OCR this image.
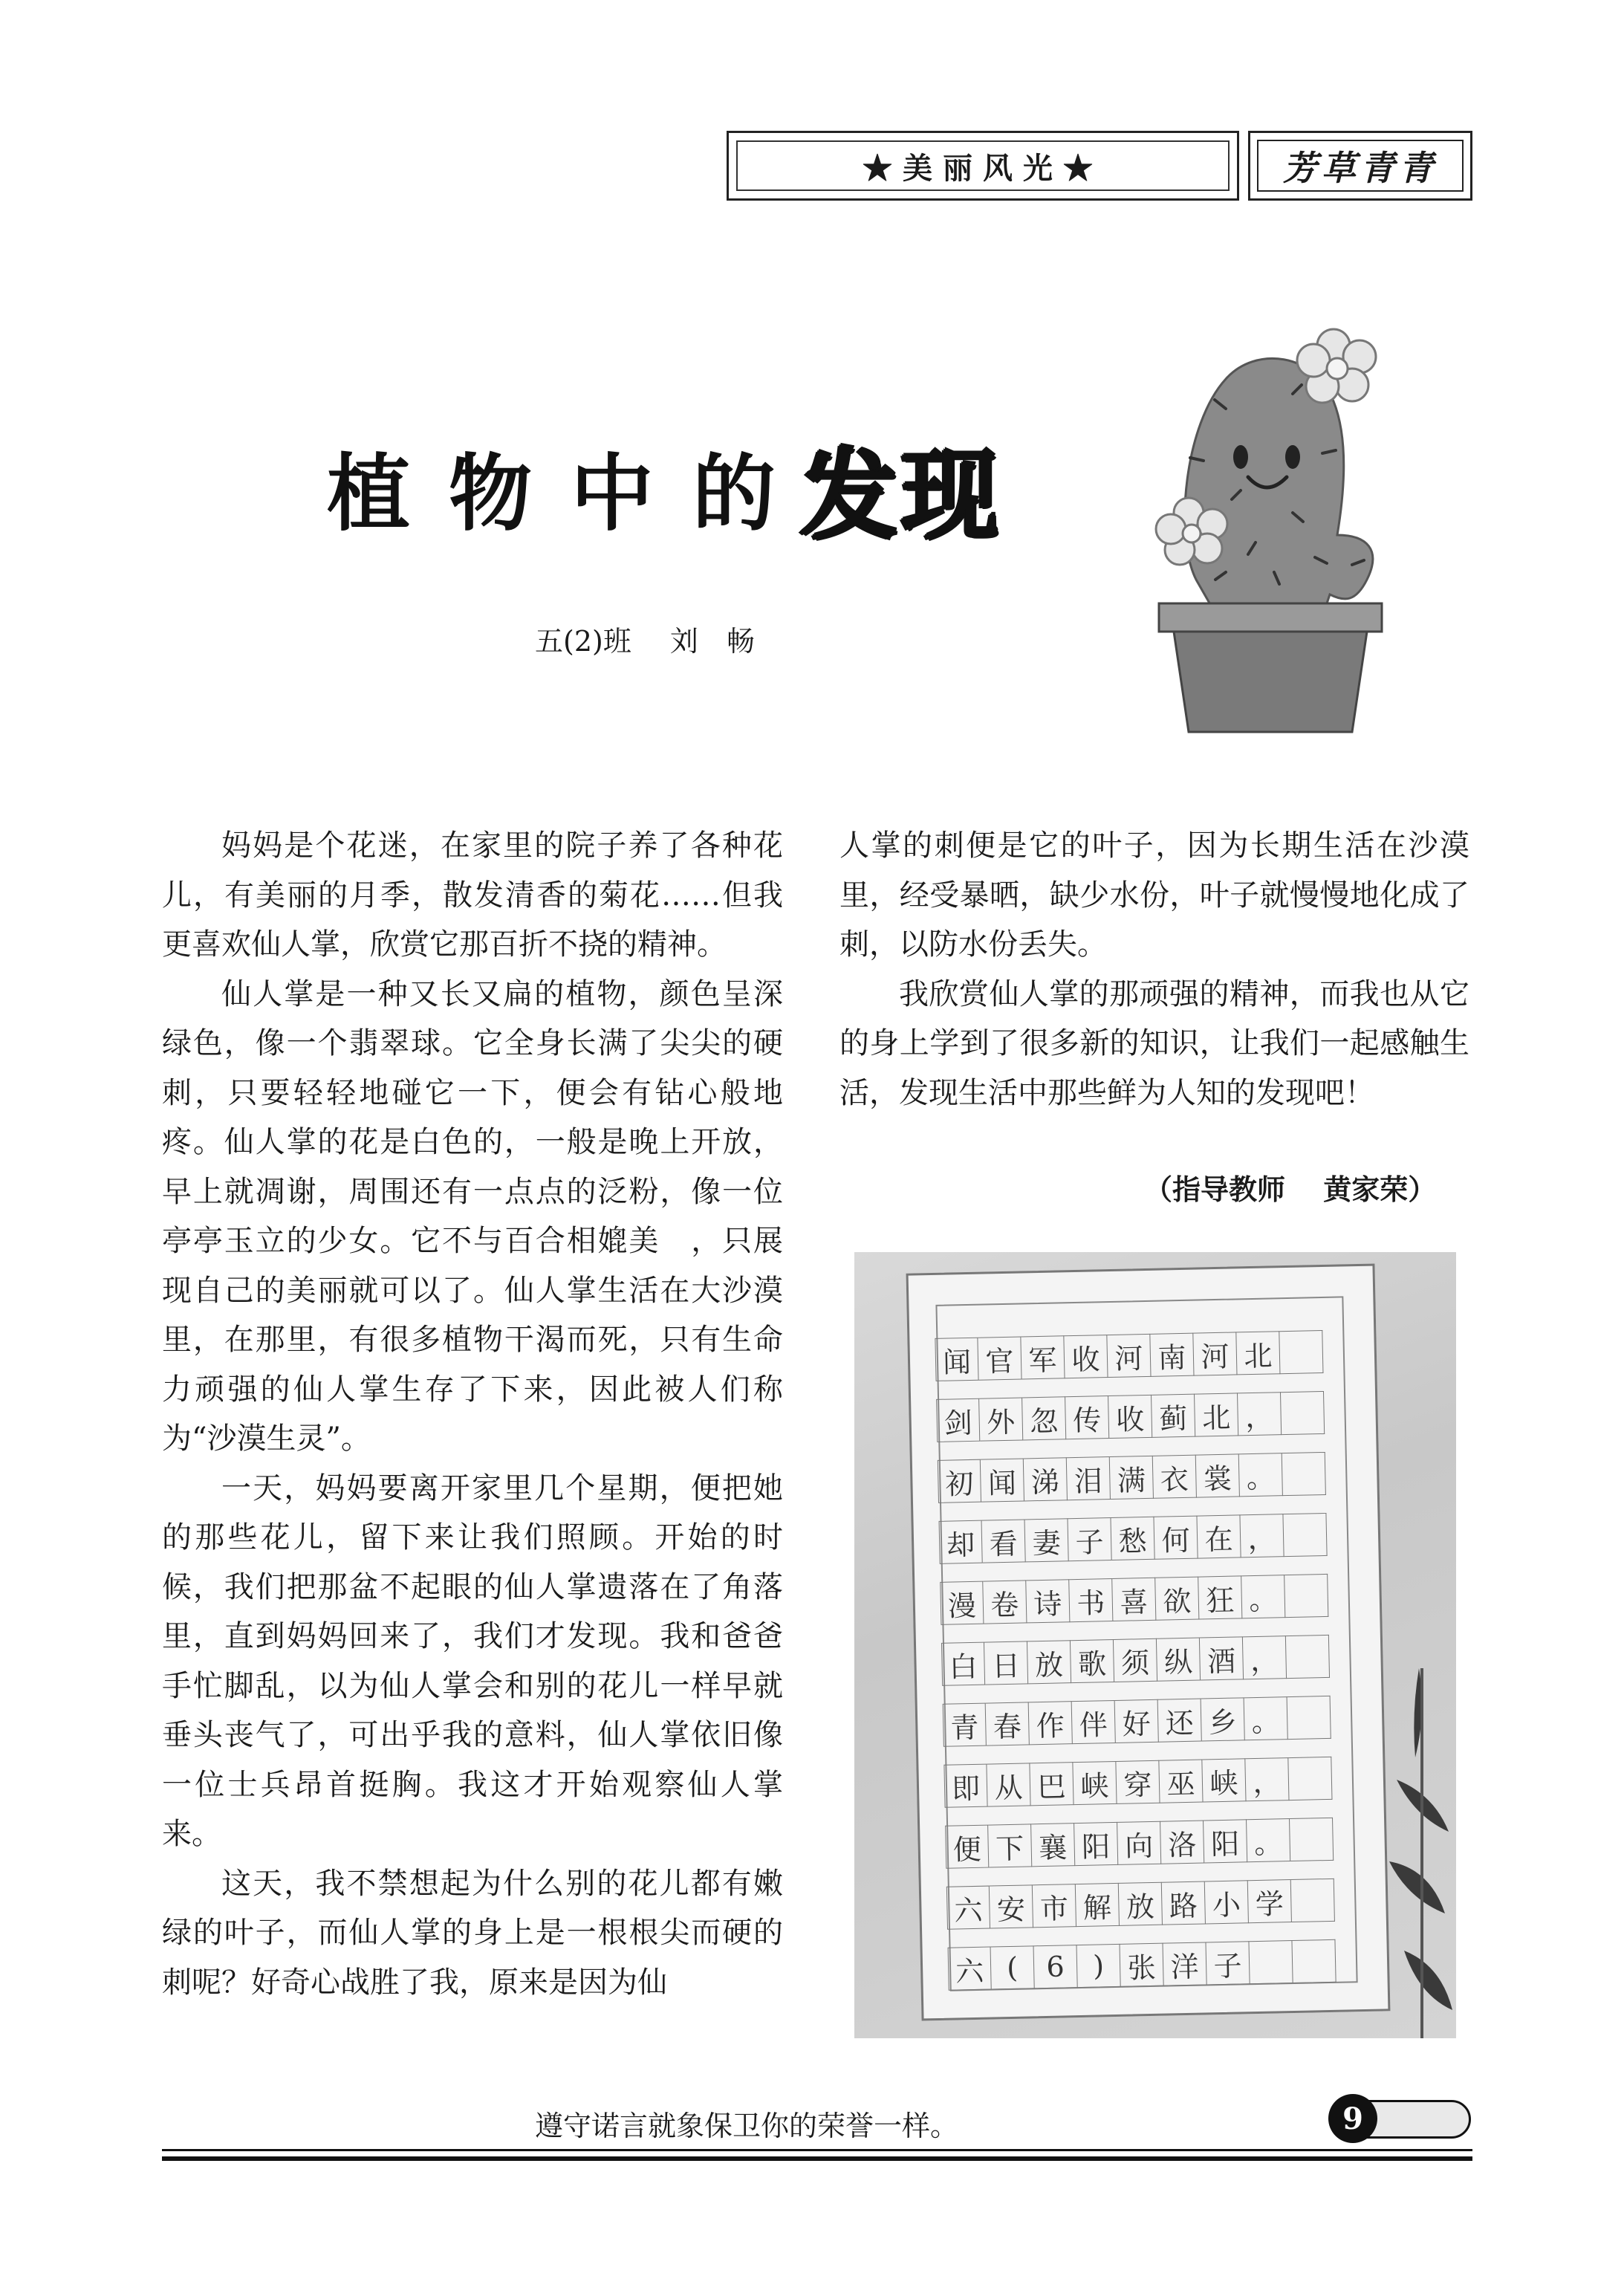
★美丽风光★	芳草青青
植物中的
发现
五(2)班 刘　畅

妈妈是个花迷，在家里的院子养了各种花儿，有美丽的月季，散发清香的菊花……但我更喜欢仙人掌，欣赏它那百折不挠的精神。

仙人掌是一种又长又扁的植物，颜色呈深绿色，像一个翡翠球。它全身长满了尖尖的硬刺，只要轻轻地碰它一下，便会有钻心般地疼。仙人掌的花是白色的，一般是晚上开放，早上就凋谢，周围还有一点点的泛粉，像一位亭亭玉立的少女。它不与百合相媲美　，只展现自己的美丽就可以了。仙人掌生活在大沙漠里，在那里，有很多植物干渴而死，只有生命力顽强的仙人掌生存了下来，因此被人们称为“沙漠生灵”。

一天，妈妈要离开家里几个星期，便把她的那些花儿，留下来让我们照顾。开始的时候，我们把那盆不起眼的仙人掌遗落在了角落里，直到妈妈回来了，我们才发现。我和爸爸手忙脚乱，以为仙人掌会和别的花儿一样早就垂头丧气了，可出乎我的意料，仙人掌依旧像一位士兵昂首挺胸。我这才开始观察仙人掌来。

这天，我不禁想起为什么别的花儿都有嫩绿的叶子，而仙人掌的身上是一根根尖而硬的刺呢？好奇心战胜了我，原来是因为仙

人掌的刺便是它的叶子，因为长期生活在沙漠里，经受暴晒，缺少水份，叶子就慢慢地化成了刺，以防水份丢失。

我欣赏仙人掌的那顽强的精神，而我也从它的身上学到了很多新的知识，让我们一起感触生活，发现生活中那些鲜为人知的发现吧！

（指导教师　 黄家荣）
闻 官 军 收 河 南 河 北
剑 外 忽 传 收 蓟 北 ，
初 闻 涕 泪 满 衣 裳 。
却 看 妻 子 愁 何 在 ，
漫 卷 诗 书 喜 欲 狂 。
白 日 放 歌 须 纵 酒 ，
青 春 作 伴 好 还 乡 。
即 从 巴 峡 穿 巫 峡 ，
便 下 襄 阳 向 洛 阳 。
六 安 市 解 放 路 小 学
六 ( 6 ) 张 洋 子
遵守诺言就象保卫你的荣誉一样。	9
